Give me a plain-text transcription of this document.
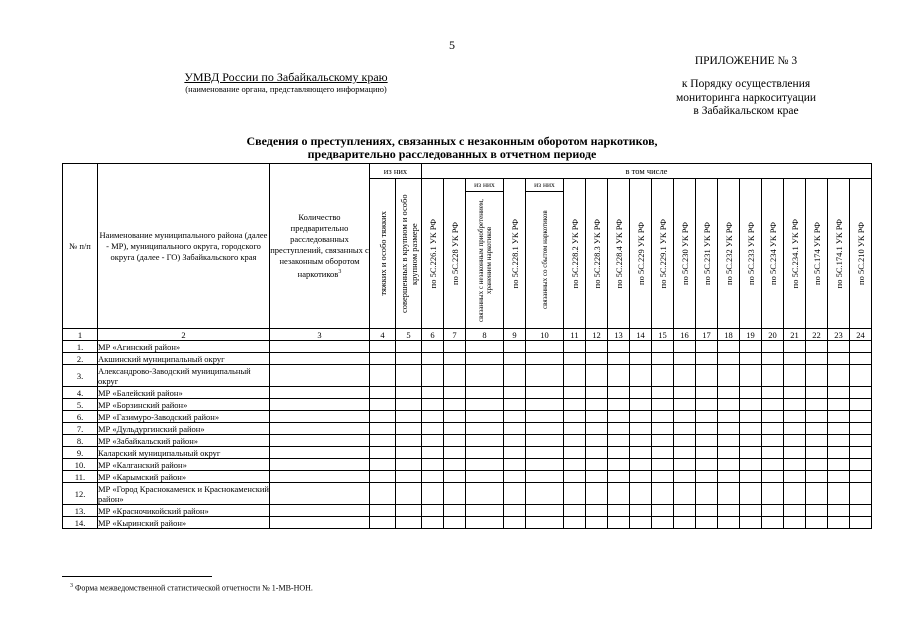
5
УМВД России по Забайкальскому краю
(наименование органа, представляющего информацию)
ПРИЛОЖЕНИЕ № 3
к Порядку осуществления
мониторинга наркоситуации
в Забайкальском крае
Сведения о преступлениях, связанных с незаконным оборотом наркотиков,
предварительно расследованных в отчетном периоде
№ п/п	Наименование муниципального района (далее - МР), муниципального округа, городского округа (далее - ГО) Забайкальского края	Количество предварительно расследованных преступлений, связанных с незаконным оборотом наркотиков$^3$	из них		в том числе																		

			тяжких и особо тяжких	совершенных в крупном и особо крупном размере	по 5С.226.1 УК РФ	по 5С.228 УК РФ	из них	по 5С.228.1 УК РФ	из них	по 5С.228.2 УК РФ	по 5С.228.3 УК РФ	по 5С.228.4 УК РФ	по 5С.229 УК РФ	по 5С.229.1 УК РФ	по 5С.230 УК РФ	по 5С.231 УК РФ	по 5С.232 УК РФ	по 5С.233 УК РФ	по 5С.234 УК РФ	по 5С.234.1 УК РФ	по 5С.174 УК РФ	по 5С.174.1 УК РФ	по 5С.210 УК РФ

							связанных с незаконным приобретением, хранением наркотиков		связанных со сбытом наркотиков														

1	2	3	4	5	6	7	8	9	10	11	12	13	14	15	16	17	18	19	20	21	22	23	24
1.	МР «Агинский район»																						
2.	Акшинский муниципальный округ																						
3.	Александрово-Заводский муниципальный округ																						
4.	МР «Балейский район»																						
5.	МР «Борзинский район»																						
6.	МР «Газимуро-Заводский район»																						
7.	МР «Дульдургинский район»																						
8.	МР «Забайкальский район»																						
9.	Каларский муниципальный округ																						
10.	МР «Калганский район»																						
11.	МР «Карымский район»																						
12.	МР «Город Краснокаменск и Краснокаменский район»																						
13.	МР «Красночикойский район»																						
14.	МР «Кыринский район»																						
$^3$ Форма межведомственной статистической отчетности № 1-МВ-НОН.
